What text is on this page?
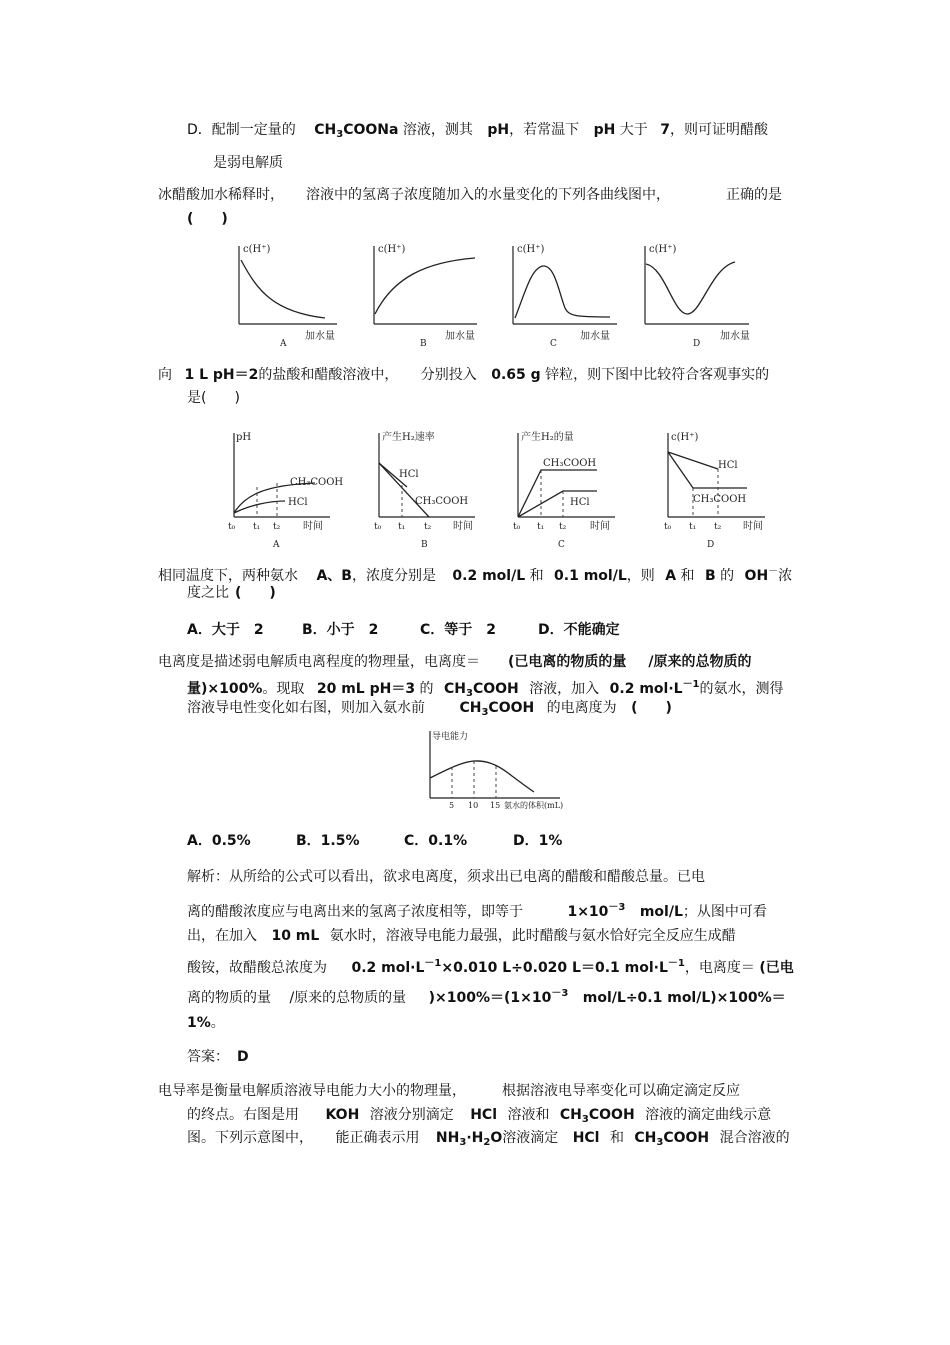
D．配制一定量的 $CH_3COONa$ 溶液，测其 pH，若常温下 pH 大于 7，则可证明醋酸
是弱电解质
冰醋酸加水稀释时， 溶液中的氢离子浓度随加入的水量变化的下列各曲线图中，	正确的是
(　　)
c(H⁺)
加水量
A
c(H⁺)
加水量
B
c(H⁺)
加水量
C
c(H⁺)
加水量
D
向 1 L pH＝2的盐酸和醋酸溶液中， 分别投入 0.65 g 锌粒，则下图中比较符合客观事实的
是(　　)
pH
CH₃COOH
HCl
t₀ t₁ t₂ 时间
A
产生H₂速率
HCl
CH₃COOH
t₀ t₁ t₂ 时间
B
产生H₂的量
CH₃COOH
HCl
t₀ t₁ t₂ 时间
C
c(H⁺)
HCl
CH₃COOH
t₀ t₁ t₂ 时间
D
相同温度下，两种氨水 A、B，浓度分别是 0.2 mol/L 和 0.1 mol/L，则 A 和 B 的 OH－浓
度之比 (　　)
A．大于　2	B．小于　2	C．等于　2	D．不能确定
电离度是描述弱电解质电离程度的物理量，电离度＝ (已电离的物质的量 /原来的总物质的
量)×100%。现取 20 mL pH＝3 的 $CH_3COOH$ 溶液，加入 0.2 $mol\cdot L^{-1}$的氨水，测得
溶液导电性变化如右图，则加入氨水前 $CH_3COOH$ 的电离度为 (　　)
导电能力
5 10 15 氨水的体积(mL)
A．0.5%	B．1.5%	C．0.1%	D．1%
解析：从所给的公式可以看出，欲求电离度，须求出已电离的醋酸和醋酸总量。已电
离的醋酸浓度应与电离出来的氢离子浓度相等，即等于	$1\times 10^{-3}$ mol/L；从图中可看
出，在加入 10 mL 氨水时，溶液导电能力最强，此时醋酸与氨水恰好完全反应生成醋
酸铵，故醋酸总浓度为 0.2 $mol\cdot L^{-1}\times 0.010$ L÷0.020 L＝0.1 $mol\cdot L^{-1}$，电离度＝ (已电
离的物质的量 /原来的总物质的量 )$\times 100\%=(1\times 10^{-3}$ mol/L÷0.1 mol/L)×100%＝
1%。
答案： D
电导率是衡量电解质溶液导电能力大小的物理量，	根据溶液电导率变化可以确定滴定反应
的终点。右图是用 KOH 溶液分别滴定 HCl 溶液和 $CH_3COOH$ 溶液的滴定曲线示意
图。下列示意图中， 能正确表示用 $NH_3\cdot H_2O$溶液滴定 HCl 和 $CH_3COOH$ 混合溶液的
